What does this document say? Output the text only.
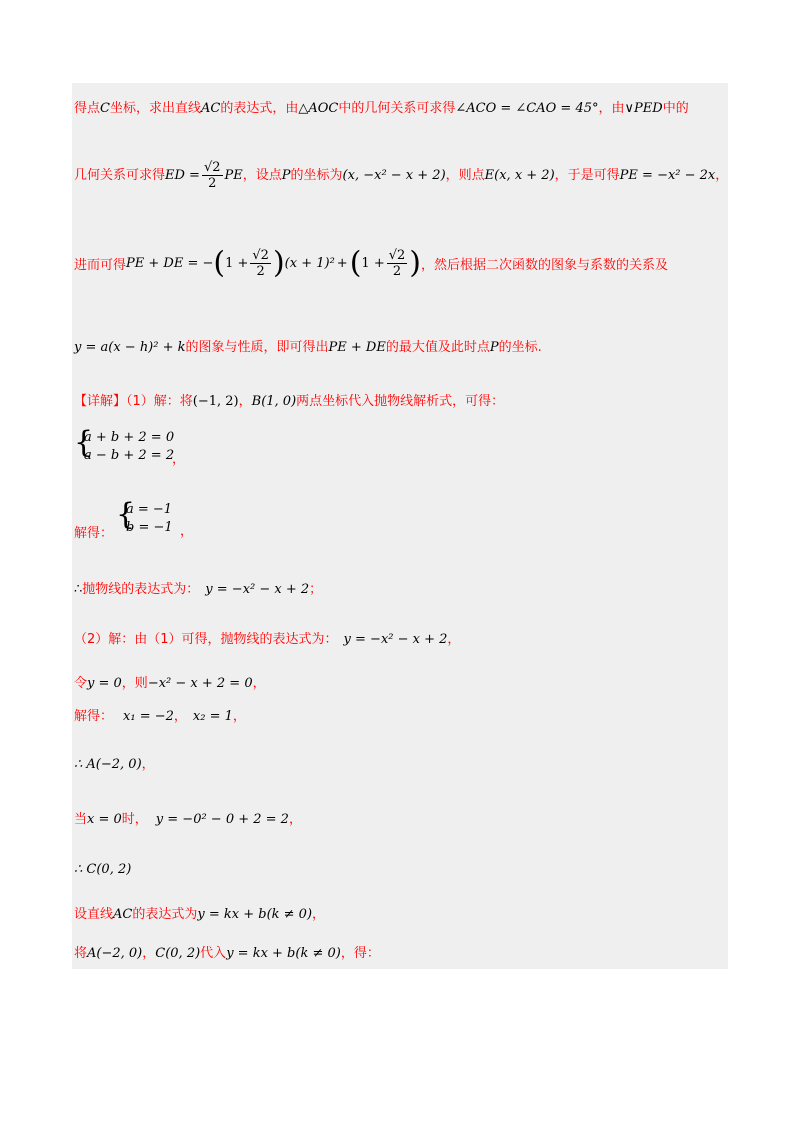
得点C坐标，求出直线AC的表达式，由△AOC中的几何关系可求得∠ACO = ∠CAO = 45°，由∨PED中的
几何关系可求得ED = $\frac{√2}{2}$ PE，设点P的坐标为(x, −x² − x + 2)，则点E(x, x + 2)，于是可得PE = −x² − 2x，
进而可得PE + DE = $-(1 + \frac{√2}{2} )(x + 1)^2 +(1 + \frac{√2}{2}$ )，然后根据二次函数的图象与系数的关系及
y = a(x − h)² + k的图象与性质，即可得出PE + DE的最大值及此时点P的坐标.
【详解】（1）解：将(−1, 2)，B(1, 0)两点坐标代入抛物线解析式，可得：
{
a + b + 2 = 0
a − b + 2 = 2
，
解得：
{
a = −1
b = −1 ，
∴抛物线的表达式为： y = −x² − x + 2；
（2）解：由（1）可得，抛物线的表达式为： y = −x² − x + 2，
令y = 0，则−x² − x + 2 = 0，
解得： x₁ = −2， x₂ = 1，
∴ A(−2, 0)，
当x = 0时， y = −0² − 0 + 2 = 2，
∴ C(0, 2)
设直线AC的表达式为y = kx + b(k ≠ 0)，
将A(−2, 0)，C(0, 2)代入y = kx + b(k ≠ 0)，得：
